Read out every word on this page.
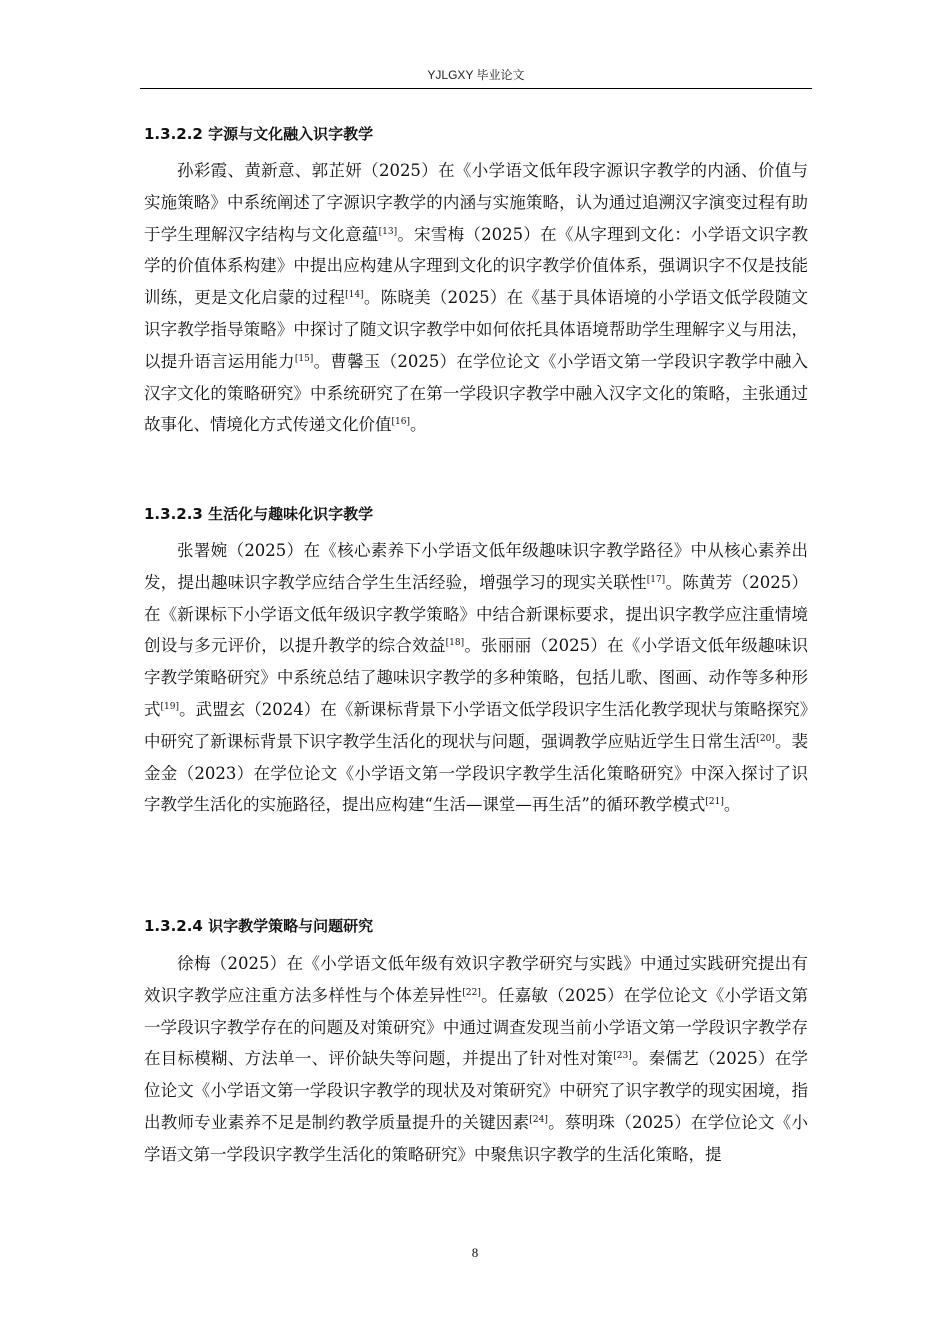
YJLGXY 毕业论文
1.3.2.2 字源与文化融入识字教学

孙彩霞、黄新意、郭芷妍（2025）在《小学语文低年段字源识字教学的内涵、价值与实施策略》中系统阐述了字源识字教学的内涵与实施策略，认为通过追溯汉字演变过程有助于学生理解汉字结构与文化意蕴[13]。宋雪梅（2025）在《从字理到文化：小学语文识字教学的价值体系构建》中提出应构建从字理到文化的识字教学价值体系，强调识字不仅是技能训练，更是文化启蒙的过程[14]。陈晓美（2025）在《基于具体语境的小学语文低学段随文识字教学指导策略》中探讨了随文识字教学中如何依托具体语境帮助学生理解字义与用法，以提升语言运用能力[15]。曹馨玉（2025）在学位论文《小学语文第一学段识字教学中融入汉字文化的策略研究》中系统研究了在第一学段识字教学中融入汉字文化的策略，主张通过故事化、情境化方式传递文化价值[16]。

1.3.2.3 生活化与趣味化识字教学

张署婉（2025）在《核心素养下小学语文低年级趣味识字教学路径》中从核心素养出发，提出趣味识字教学应结合学生生活经验，增强学习的现实关联性[17]。陈黄芳（2025）在《新课标下小学语文低年级识字教学策略》中结合新课标要求，提出识字教学应注重情境创设与多元评价，以提升教学的综合效益[18]。张丽丽（2025）在《小学语文低年级趣味识字教学策略研究》中系统总结了趣味识字教学的多种策略，包括儿歌、图画、动作等多种形式[19]。武盟玄（2024）在《新课标背景下小学语文低学段识字生活化教学现状与策略探究》中研究了新课标背景下识字教学生活化的现状与问题，强调教学应贴近学生日常生活[20]。裴金金（2023）在学位论文《小学语文第一学段识字教学生活化策略研究》中深入探讨了识字教学生活化的实施路径，提出应构建“生活—课堂—再生活”的循环教学模式[21]。

1.3.2.4 识字教学策略与问题研究

徐梅（2025）在《小学语文低年级有效识字教学研究与实践》中通过实践研究提出有效识字教学应注重方法多样性与个体差异性[22]。任嘉敏（2025）在学位论文《小学语文第一学段识字教学存在的问题及对策研究》中通过调查发现当前小学语文第一学段识字教学存在目标模糊、方法单一、评价缺失等问题，并提出了针对性对策[23]。秦儒艺（2025）在学位论文《小学语文第一学段识字教学的现状及对策研究》中研究了识字教学的现实困境，指出教师专业素养不足是制约教学质量提升的关键因素[24]。蔡明珠（2025）在学位论文《小学语文第一学段识字教学生活化的策略研究》中聚焦识字教学的生活化策略，提

8
